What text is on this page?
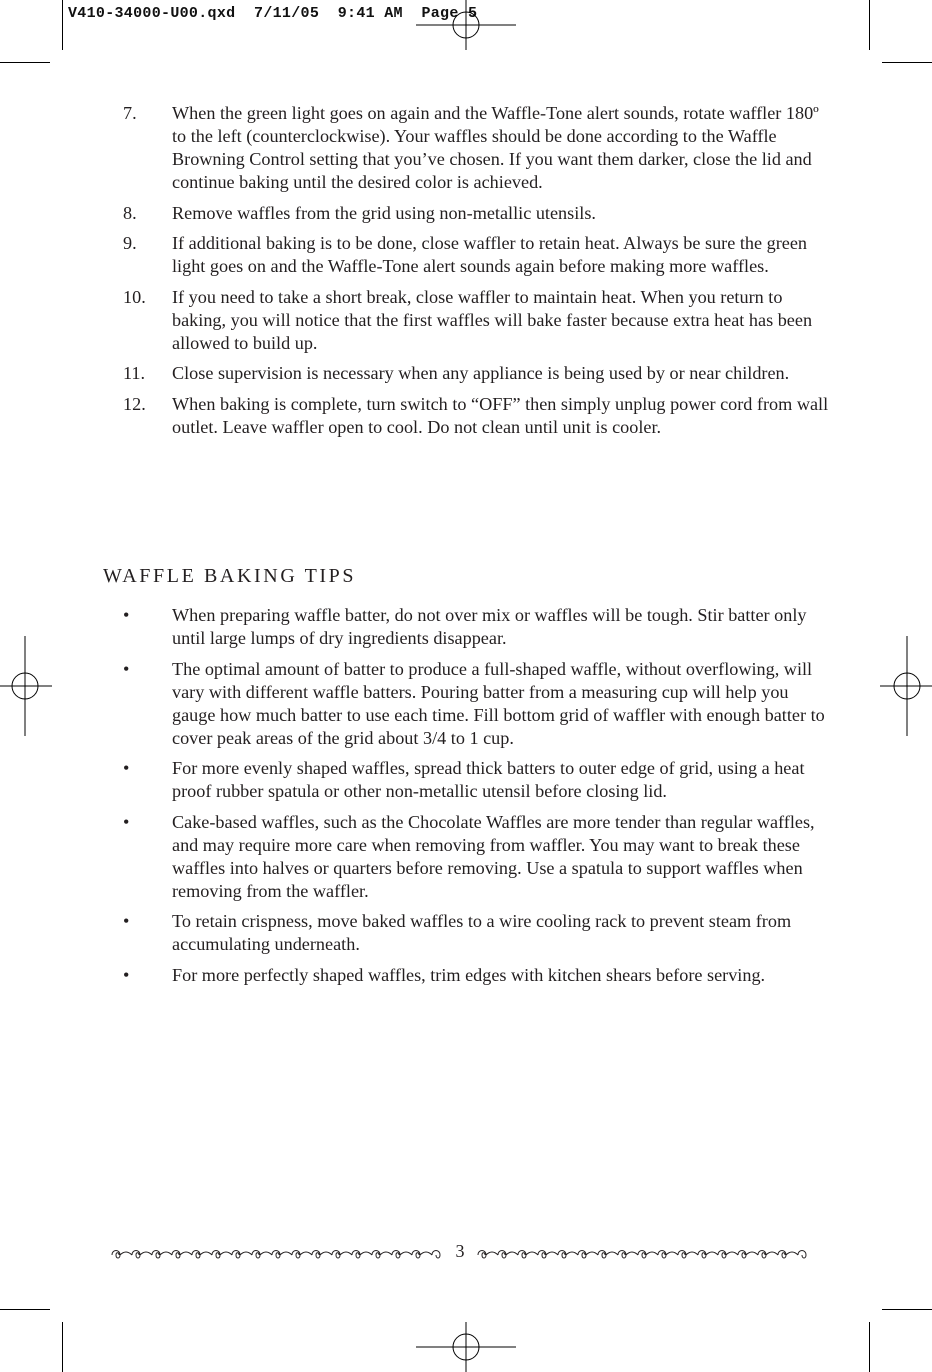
V410-34000-U00.qxd  7/11/05  9:41 AM  Page 5
7. When the green light goes on again and the Waffle-Tone alert sounds, rotate waffler 180º to the left (counterclockwise). Your waffles should be done according to the Waffle Browning Control setting that you’ve chosen. If you want them darker, close the lid and continue baking until the desired color is achieved.
8. Remove waffles from the grid using non-metallic utensils.
9. If additional baking is to be done, close waffler to retain heat. Always be sure the green light goes on and the Waffle-Tone alert sounds again before making more waffles.
10. If you need to take a short break, close waffler to maintain heat. When you return to baking, you will notice that the first waffles will bake faster because extra heat has been allowed to build up.
11. Close supervision is necessary when any appliance is being used by or near children.
12. When baking is complete, turn switch to “OFF” then simply unplug power cord from wall outlet. Leave waffler open to cool. Do not clean until unit is cooler.
WAFFLE BAKING TIPS
• When preparing waffle batter, do not over mix or waffles will be tough. Stir batter only until large lumps of dry ingredients disappear.
• The optimal amount of batter to produce a full-shaped waffle, without overflowing, will vary with different waffle batters. Pouring batter from a measuring cup will help you gauge how much batter to use each time. Fill bottom grid of waffler with enough batter to cover peak areas of the grid about 3/4 to 1 cup.
• For more evenly shaped waffles, spread thick batters to outer edge of grid, using a heat proof rubber spatula or other non-metallic utensil before closing lid.
• Cake-based waffles, such as the Chocolate Waffles are more tender than regular waffles, and may require more care when removing from waffler. You may want to break these waffles into halves or quarters before removing. Use a spatula to support waffles when removing from the waffler.
• To retain crispness, move baked waffles to a wire cooling rack to prevent steam from accumulating underneath.
• For more perfectly shaped waffles, trim edges with kitchen shears before serving.
3
